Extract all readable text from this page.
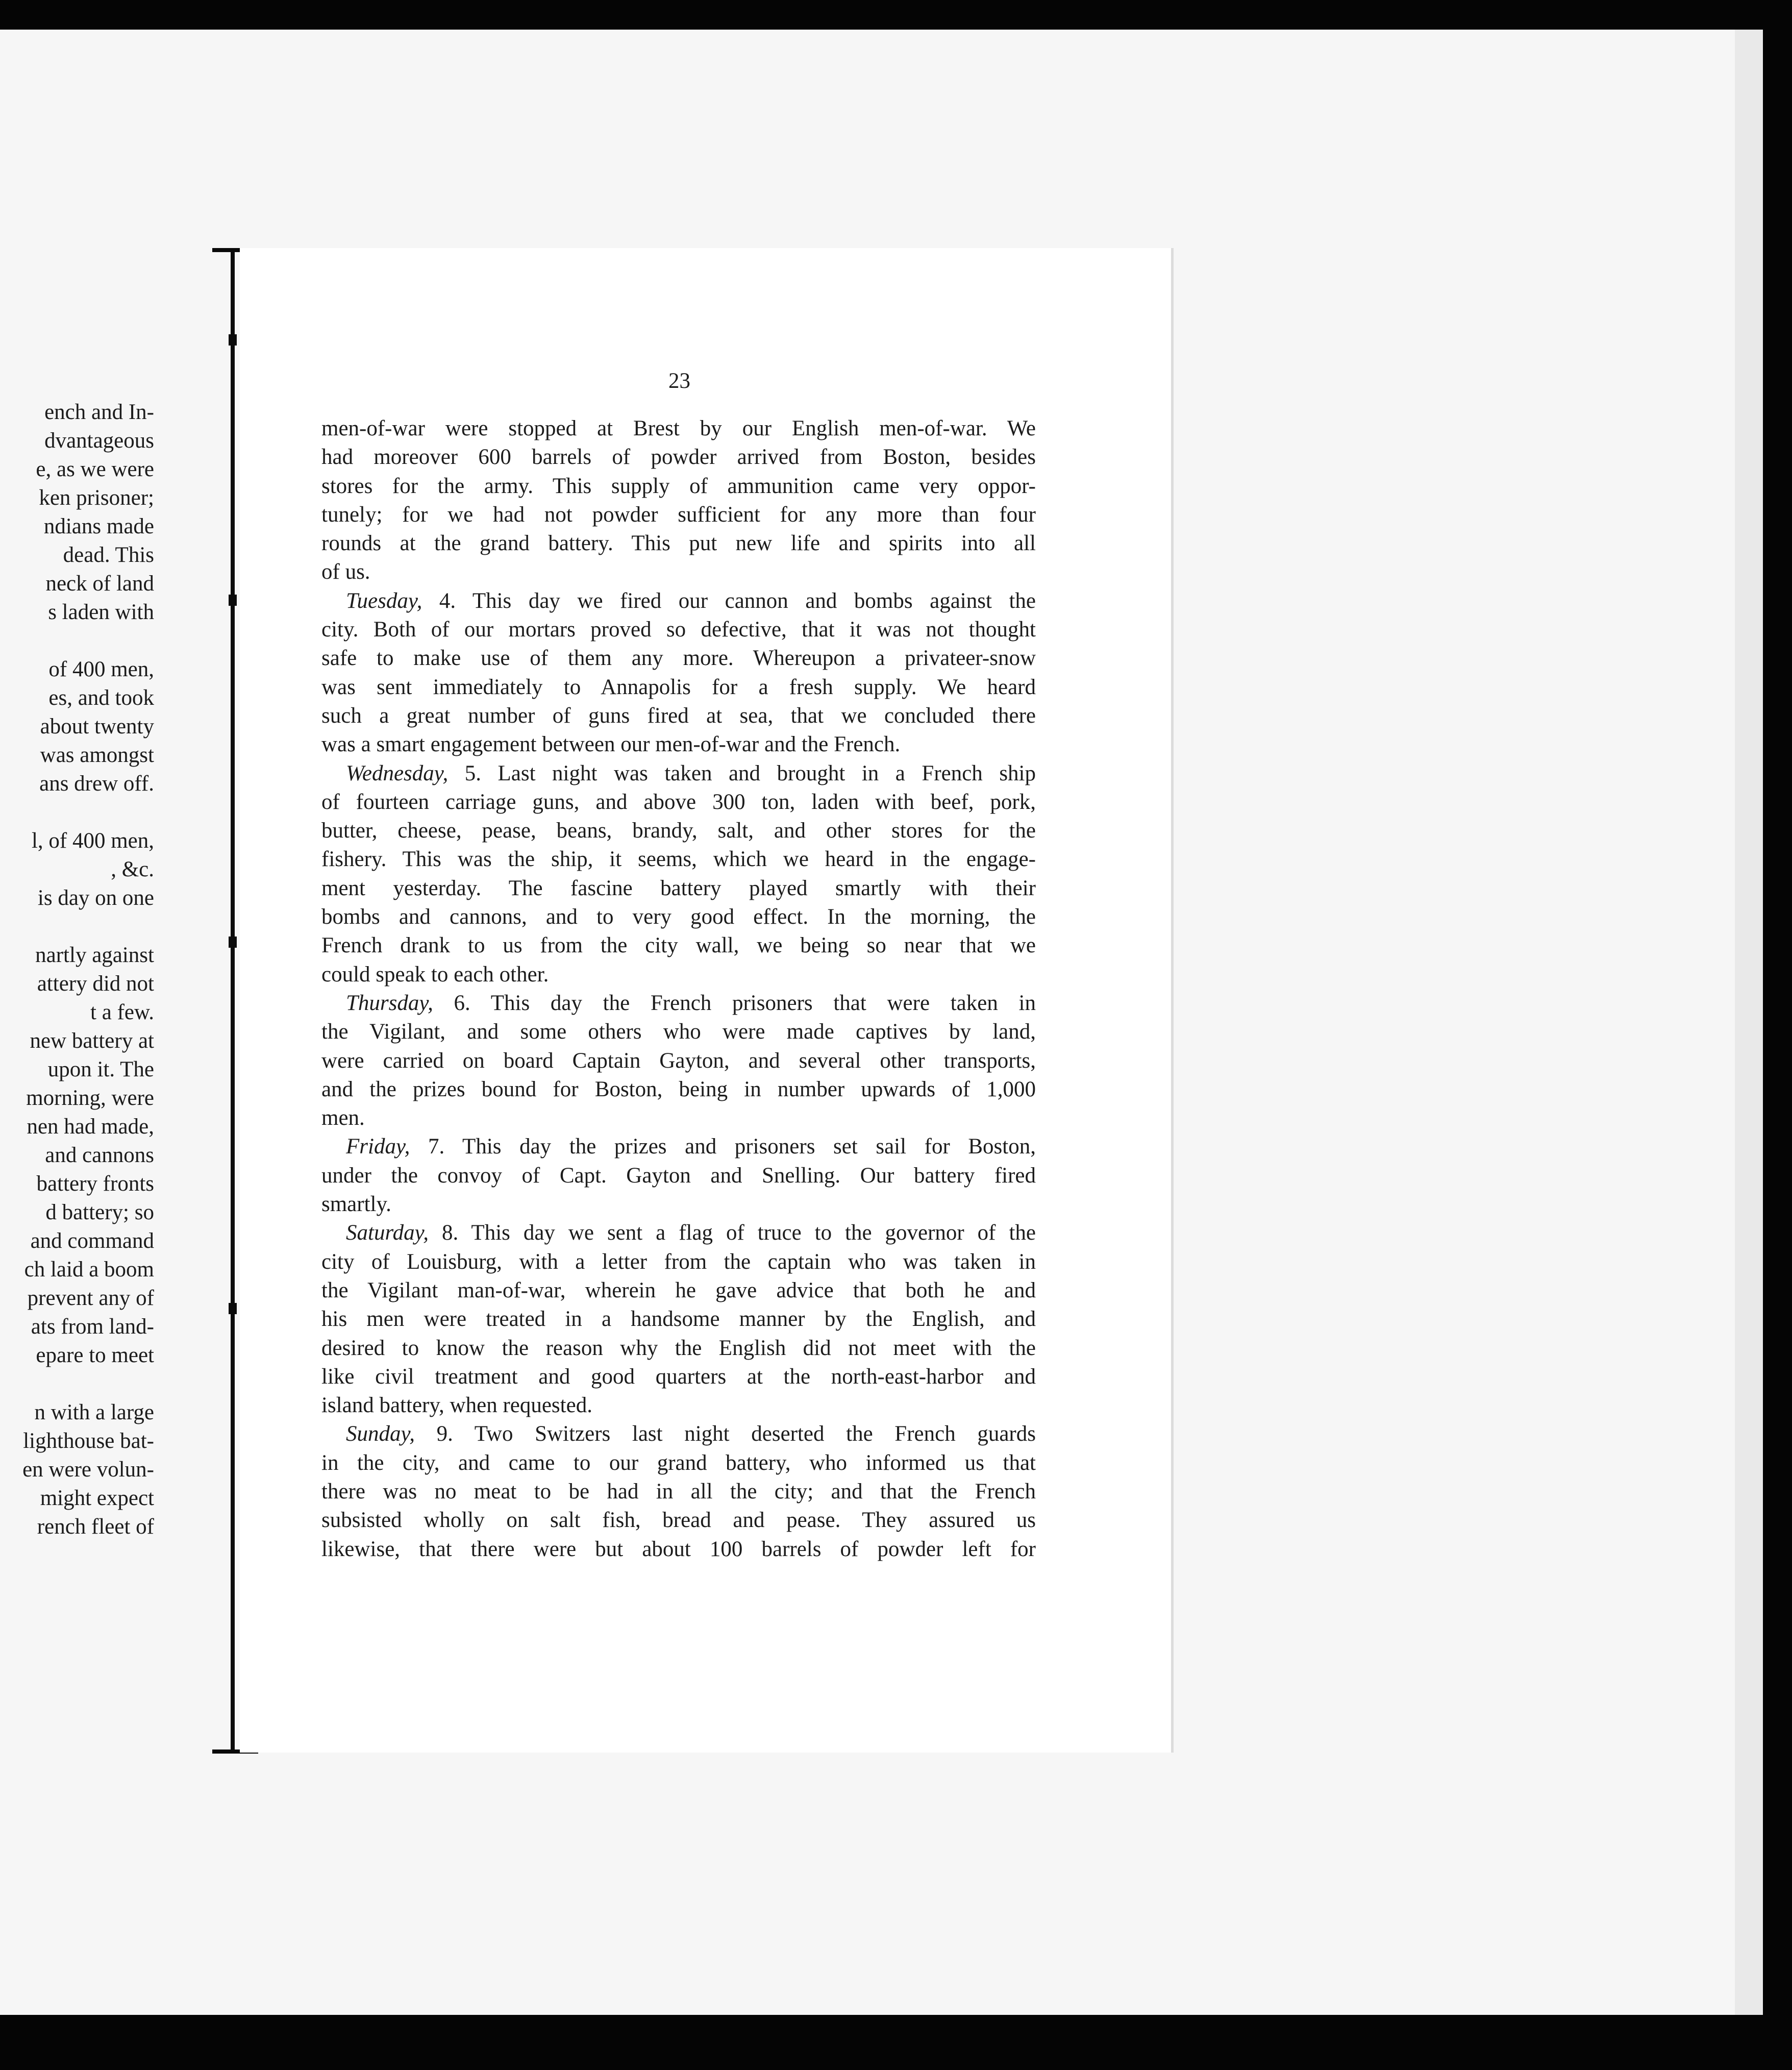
ench and In-
dvantageous
e, as we were
ken prisoner;
ndians made
dead. This
neck of land
s laden with
of 400 men,
es, and took
about twenty
was amongst
ans drew off.
l, of 400 men,
, &c.
is day on one
nartly against
attery did not
t a few.
new battery at
upon it. The
morning, were
nen had made,
and cannons
battery fronts
d battery; so
and command
ch laid a boom
prevent any of
ats from land-
epare to meet
n with a large
lighthouse bat-
en were volun-
might expect
rench fleet of
23
men-of-war were stopped at Brest by our English men-of-war. We
had moreover 600 barrels of powder arrived from Boston, besides
stores for the army. This supply of ammunition came very oppor-
tunely; for we had not powder sufficient for any more than four
rounds at the grand battery. This put new life and spirits into all
of us.
Tuesday, 4. This day we fired our cannon and bombs against the
city. Both of our mortars proved so defective, that it was not thought
safe to make use of them any more. Whereupon a privateer-snow
was sent immediately to Annapolis for a fresh supply. We heard
such a great number of guns fired at sea, that we concluded there
was a smart engagement between our men-of-war and the French.
Wednesday, 5. Last night was taken and brought in a French ship
of fourteen carriage guns, and above 300 ton, laden with beef, pork,
butter, cheese, pease, beans, brandy, salt, and other stores for the
fishery. This was the ship, it seems, which we heard in the engage-
ment yesterday. The fascine battery played smartly with their
bombs and cannons, and to very good effect. In the morning, the
French drank to us from the city wall, we being so near that we
could speak to each other.
Thursday, 6. This day the French prisoners that were taken in
the Vigilant, and some others who were made captives by land,
were carried on board Captain Gayton, and several other transports,
and the prizes bound for Boston, being in number upwards of 1,000
men.
Friday, 7. This day the prizes and prisoners set sail for Boston,
under the convoy of Capt. Gayton and Snelling. Our battery fired
smartly.
Saturday, 8. This day we sent a flag of truce to the governor of the
city of Louisburg, with a letter from the captain who was taken in
the Vigilant man-of-war, wherein he gave advice that both he and
his men were treated in a handsome manner by the English, and
desired to know the reason why the English did not meet with the
like civil treatment and good quarters at the north-east-harbor and
island battery, when requested.
Sunday, 9. Two Switzers last night deserted the French guards
in the city, and came to our grand battery, who informed us that
there was no meat to be had in all the city; and that the French
subsisted wholly on salt fish, bread and pease. They assured us
likewise, that there were but about 100 barrels of powder left for
